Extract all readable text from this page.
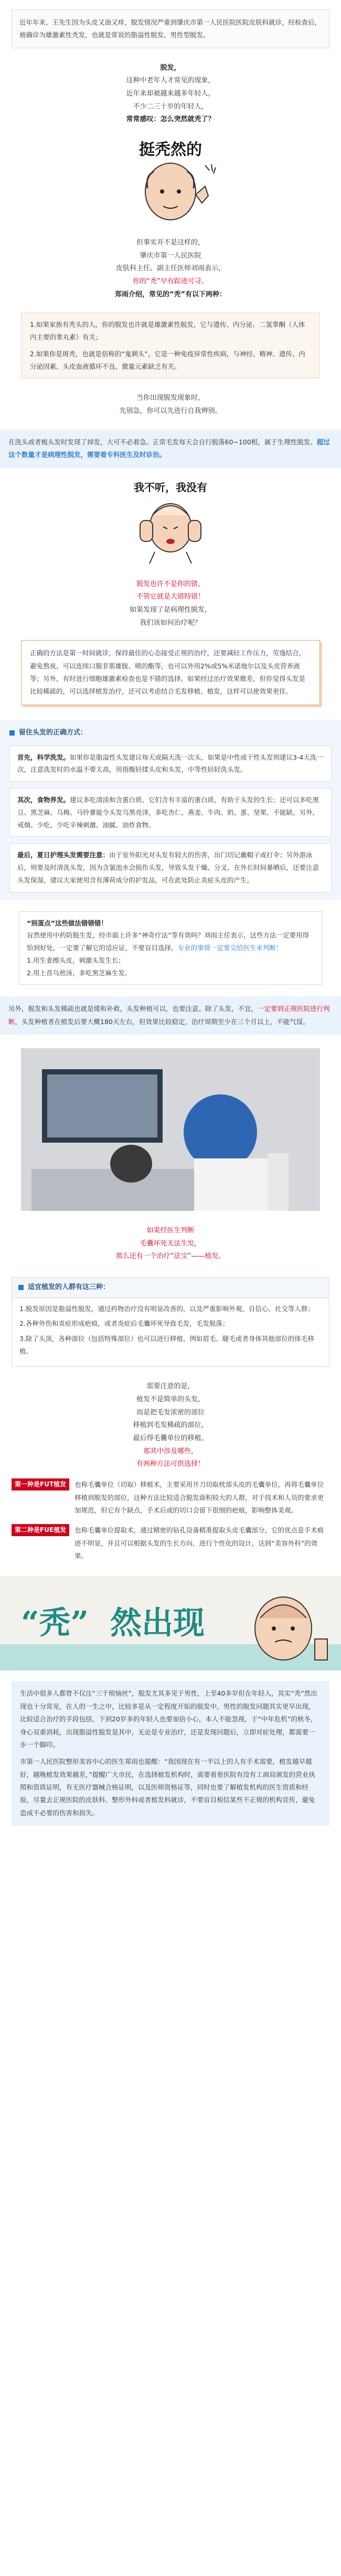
近年年来，王先生因为头皮又油又痒，脱发情况严重到肇庆市第一人民医院医院皮肤科就诊，经检查后，被确诊为雄激素性秃发，也就是常说的脂溢性脱发、男性型脱发。

脱发，

这种中老年人才常见的现象，

近年来却被越来越多年轻人，

不少二三十岁的年轻人，

常常感叹：怎么突然就秃了？

挺秃然的

但事实并不是这样的，

肇庆市第一人民医院

皮肤科主任、副主任医师刘雨表示，

你的“秃”早有踪迹可寻。

郑雨介绍，常见的“秃”有以下两种：

1.如果家族有秃头的人，你的脱发也许就是雄激素性脱发，它与遗传、内分泌、二氢睾酮（人体内主要的睾丸素）有关；

2.如果你是斑秃，也就是俗称的“鬼剃头”，它是一种免疫异常性疾病，与神经、精神、遗传、内分泌因素、头皮血液循环不良、微量元素缺乏有关。

当你出现脱发现象时，

先别急，你可以先进行自我辨别。

在洗头或者梳头发时发现了掉发，大可不必着急。正常毛发每天会自行脱落60~100根，属于生理性脱发。超过这个数量才是病理性脱发，需要看专科医生及时诊治。
我不听，我没有

脱发也许不是你的错，

不管它就是大错特错！

如果发现了是病理性脱发，

我们该如何治疗呢？

正确的方法是第一时间就诊，保持最佳的心态接受正规的治疗，还要减轻工作压力，劳逸结合，避免熬夜。可以连续口服非那雄胺、喷的酯等，也可以外用2%或5%米诺地尔以及头皮营养液等；另外，有时进行细胞雄激素检查也是不错的选择。如果经过治疗效果微差，但你觉得头发是比较稀疏的，可以选择植发治疗，还可以考虑结合毛发移植、植发，这样可以使效果更佳。

留住头发的正确方式：
首先，科学洗发。如果你是脂溢性头发建议每天或隔天洗一次头，如果是中性或干性头发则建议3-4天洗一次，注意洗发时的水温不要太高，用指腹轻揉头皮和头发，中等性轻轻洗头发。
其次，食物养发。建议多吃清淡和含蛋白质、它们含有丰富的蛋白质，有助于头发的生长；还可以多吃黑豆、黑芝麻、乌梅、马铃薯能令头发乌黑亮泽，多吃杏仁、燕麦、牛肉、奶、蛋、坚果、不能缺。另外，戒烟、少吃、少吃辛辣刺激、油腻、油炸食物。
最后，夏日护理头发需要注意：由于室外阳光对头发有较大的伤害，出门切记戴帽子或打伞；另外游泳后，则要及时清洗头发，因为含氯池水会损伤头发，导致头发干燥、分叉。在外长时间暴晒后，还要注意头发保湿，建议大家使用含有薄荷成分的护发品，可在此处防止炎症头皮的产生。

“别蛋点”这些做法错错错！

盲然使用中药防脱生发，经市面上许多“神奇疗法”等有效吗？刘雨主任表示，这些方法一定要用得恰到好处，一定要了解它的适应证，不要盲目选择，专业的事情一定要交给医生来判断！

1.用生姜擦头皮，刺激头发生长；

2.用上首乌煎汤，多吃黑芝麻生发。

另外，脱发和头发稀疏也就是缓和补救，头发种植可以，也要注意。除了头发，不宜，一定要到正规医院进行判断，头发种植者在植发后要大概180天左右，但效果比较稳定，治疗周期至少在三个月以上，不能气馁。

如果经医生判断

毛囊坏死无法生发，

那么还有一个治疗“法宝”——植发。

适宜植发的人群有这三种：

1.脱发原因是脂溢性脱发，通过药物治疗没有明显改善的，以及严重影响外观、自信心、社交等人群；

2.各种外伤和炎症形成疤痕，或者炎症后毛囊坏死导致毛发，毛发脱落；

3.除了头顶，各种部位（包括特殊部位）也可以进行移植，例如眉毛、睫毛或者身体其他部位的体毛移植。

需要注意的是，

植发不是简单的头发，

而是把毛发浓密的部位

移植到毛发稀疏的部位，

最后得毛囊单位的移植。

那其中涉及哪些，

有两种方法可供选择！

第一种是FUT植发	也称毛囊单位（切取）移植术，主要采用开刀切取枕部头皮的毛囊单位，再将毛囊单位移植到脱发的部位，这种方法比较适合脱发面积较大的人群，对于技术和人员的要求更加规范，但它有个缺点，手术后或的切口会留下很细的疤痕，影响整体美观。
第二种是FUE植发	也称毛囊单位提取术，通过精密的钻孔设备精准提取头皮毛囊部分，它的优点是手术痕迹不明显，并且可以根据头发的生长方向，进行个性化的设计，达到“美容外科”的效果。
“秃” 然出现

生活中很多人都曾不仅注“三千烦恼丝”，脱发尤其多见于男性，上至40多岁但在年轻人，其实“秃”然出现也十分常见，在人的一生之中，比较多是从一定程度开始的脱发中，男性的脱发问题其实更早出现，比较适合治疗的手段包括，下到20岁多的年轻人也要加倍小心，本人不能忽视，于“中年危机”的秋冬，身心双重消耗，出现脂溢性脱发是其中，无论是专业治疗，还是发现问题后，立即对症处理，都需要一步一个脚印。

市第一人民医院整形美容中心的医生郑雨也提醒：“我国现在有一半以上的人有手术需要，植发越早越好，越晚植发效果越差，”提醒广大市民，在选择植发机构时，需要看看医院有没有工商局颁发的营业执照和资质证明，有无医疗器械合格证明，以及医师资格证等，同时也要了解植发机构的医生资质和经验，尽量去正规医院的皮肤科、整形外科或者植发科就诊，不要盲目相信某些不正规的机构宣传，避免造成不必要的伤害和损失。
